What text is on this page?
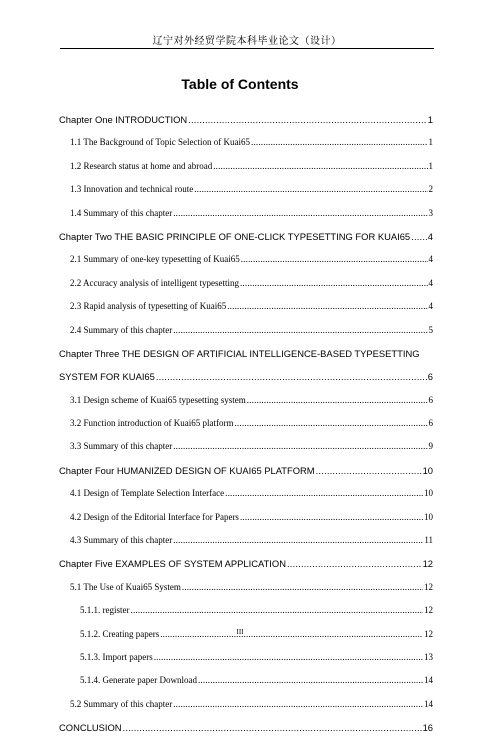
辽宁对外经贸学院本科毕业论文（设计）
Table of Contents
Chapter One INTRODUCTION .....	1
1.1 The Background of Topic Selection of Kuai65 .....	1
1.2 Research status at home and abroad .....	1
1.3 Innovation and technical route .....	2
1.4 Summary of this chapter .....	3
Chapter Two THE BASIC PRINCIPLE OF ONE-CLICK TYPESETTING FOR KUAI65 ..... 4
2.1 Summary of one-key typesetting of Kuai65 .....	4
2.2 Accuracy analysis of intelligent typesetting .....	4
2.3 Rapid analysis of typesetting of Kuai65 .....	4
2.4 Summary of this chapter .....	5
Chapter Three THE DESIGN OF ARTIFICIAL INTELLIGENCE-BASED TYPESETTING
SYSTEM FOR KUAI65 .....	6
3.1 Design scheme of Kuai65 typesetting system .....	6
3.2 Function introduction of Kuai65 platform .....	6
3.3 Summary of this chapter .....	9
Chapter Four HUMANIZED DESIGN OF KUAI65 PLATFORM .....	10
4.1 Design of Template Selection Interface .....	10
4.2 Design of the Editorial Interface for Papers .....	10
4.3 Summary of this chapter .....	11
Chapter Five EXAMPLES OF SYSTEM APPLICATION .....	12
5.1 The Use of Kuai65 System .....	12
5.1.1. register .....	12
5.1.2. Creating papers .....	12
5.1.3. Import papers .....	13
5.1.4. Generate paper Download .....	14
5.2 Summary of this chapter .....	14
CONCLUSION .....	16
III
